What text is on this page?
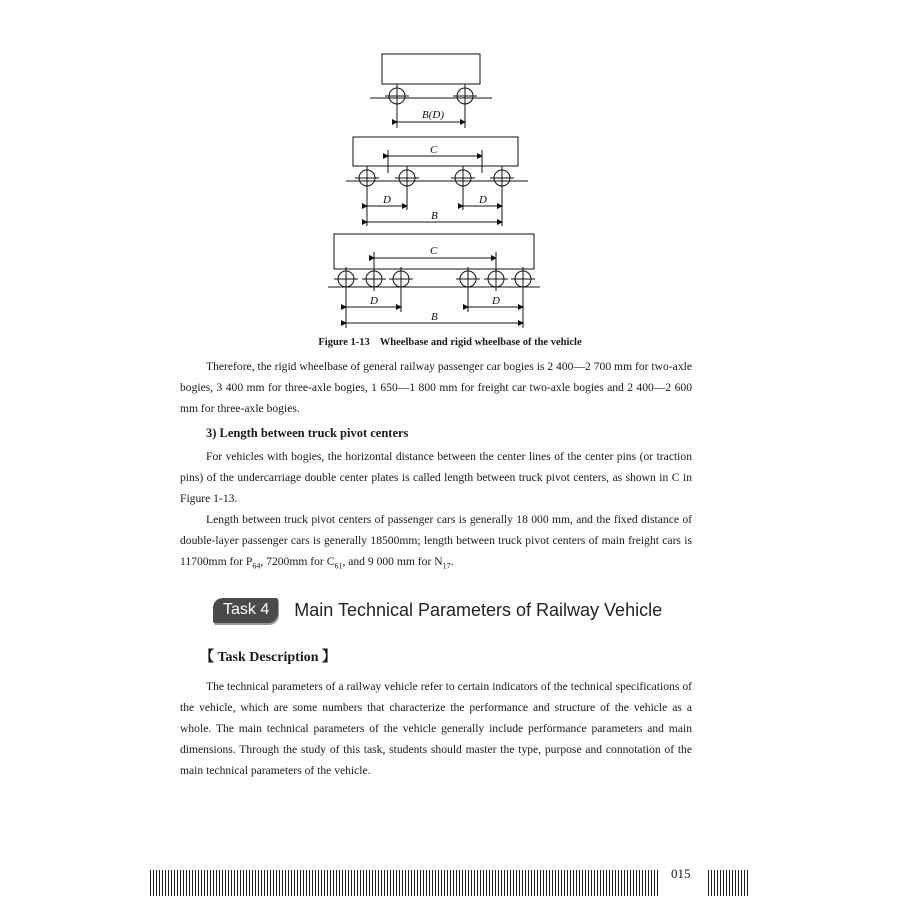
B(D)
C
D	D
B
C
D	D
B
Figure 1-13 Wheelbase and rigid wheelbase of the vehicle

Therefore, the rigid wheelbase of general railway passenger car bogies is 2 400—2 700 mm for two-axle bogies, 3 400 mm for three-axle bogies, 1 650—1 800 mm for freight car two-axle bogies and 2 400—2 600 mm for three-axle bogies.

3) Length between truck pivot centers

For vehicles with bogies, the horizontal distance between the center lines of the center pins (or traction pins) of the undercarriage double center plates is called length between truck pivot centers, as shown in C in Figure 1-13.

Length between truck pivot centers of passenger cars is generally 18 000 mm, and the fixed distance of double-layer passenger cars is generally 18500mm; length between truck pivot centers of main freight cars is 11700mm for $P_{64}$, 7200mm for $C_{61}$, and 9 000 mm for $N_{17}$.

Task 4	Main Technical Parameters of Railway Vehicle

【 Task Description 】

The technical parameters of a railway vehicle refer to certain indicators of the technical specifications of the vehicle, which are some numbers that characterize the performance and structure of the vehicle as a whole. The main technical parameters of the vehicle generally include performance parameters and main dimensions. Through the study of this task, students should master the type, purpose and connotation of the main technical parameters of the vehicle.

015
